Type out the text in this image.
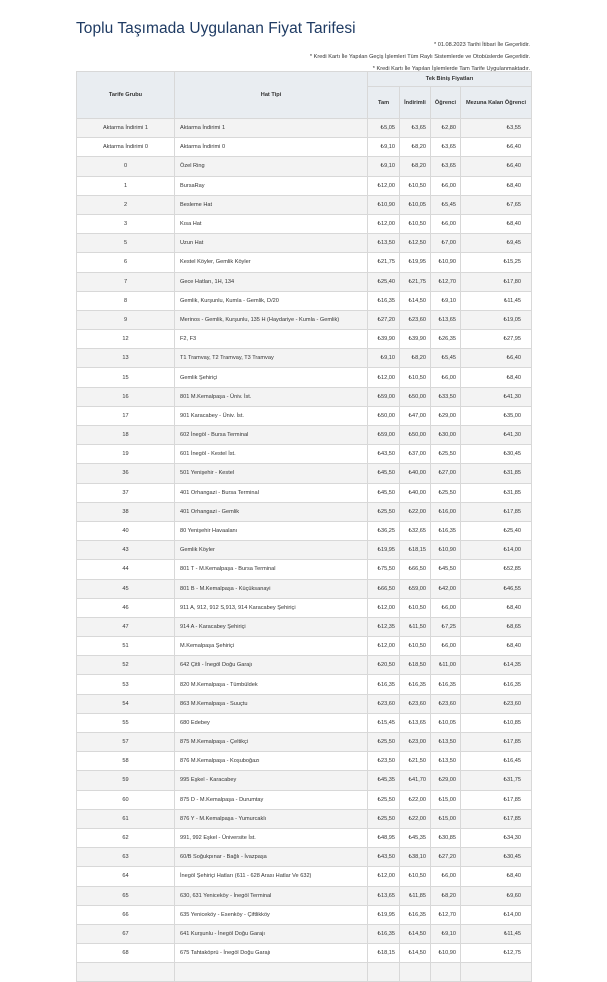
Toplu Taşımada Uygulanan Fiyat Tarifesi
* 01.08.2023 Tarihi İtibari İle Geçerlidir.
* Kredi Kartı İle Yapılan Geçiş İşlemleri Tüm Raylı Sistemlerde ve Otobüslerde Geçerlidir.
* Kredi Kartı İle Yapılan İşlemlerde Tam Tarife Uygulanmaktadır.
Tarife Grubu	Hat Tipi	Tek Biniş Fiyatları			
		Tam	İndirimli	Öğrenci	Mezuna Kalan Öğrenci
Aktarma İndirimi 1	Aktarma İndirimi 1	₺5,05	₺3,65	₺2,80	₺3,55
Aktarma İndirimi 0	Aktarma İndirimi 0	₺9,10	₺8,20	₺3,65	₺6,40
0	Özel Ring	₺9,10	₺8,20	₺3,65	₺6,40
1	BursaRay	₺12,00	₺10,50	₺6,00	₺8,40
2	Besleme Hat	₺10,90	₺10,05	₺5,45	₺7,65
3	Kısa Hat	₺12,00	₺10,50	₺6,00	₺8,40
5	Uzun Hat	₺13,50	₺12,50	₺7,00	₺9,45
6	Kestel Köyler, Gemlik Köyler	₺21,75	₺19,95	₺10,90	₺15,25
7	Gece Hatları, 1H, 134	₺25,40	₺21,75	₺12,70	₺17,80
8	Gemlik, Kurşunlu, Kumla - Gemlik, D/20	₺16,35	₺14,50	₺9,10	₺11,45
9	Merinos - Gemlik, Kurşunlu, 135 H (Haydariye - Kumla - Gemlik)	₺27,20	₺23,60	₺13,65	₺19,05
12	F2, F3	₺39,90	₺39,90	₺26,35	₺27,95
13	T1 Tramvay, T2 Tramvay, T3 Tramvay	₺9,10	₺8,20	₺5,45	₺6,40
15	Gemlik Şehiriçi	₺12,00	₺10,50	₺6,00	₺8,40
16	801 M.Kemalpaşa - Üniv. İst.	₺59,00	₺50,00	₺33,50	₺41,30
17	901 Karacabey - Üniv. İst.	₺50,00	₺47,00	₺29,00	₺35,00
18	602 İnegöl - Bursa Terminal	₺59,00	₺50,00	₺30,00	₺41,30
19	601 İnegöl - Kestel İst.	₺43,50	₺37,00	₺25,50	₺30,45
36	501 Yenişehir - Kestel	₺45,50	₺40,00	₺27,00	₺31,85
37	401 Orhangazi - Bursa Terminal	₺45,50	₺40,00	₺25,50	₺31,85
38	401 Orhangazi - Gemlik	₺25,50	₺22,00	₺16,00	₺17,85
40	80 Yenişehir Havaalanı	₺36,25	₺32,65	₺16,35	₺25,40
43	Gemlik Köyler	₺19,95	₺18,15	₺10,90	₺14,00
44	801 T - M.Kemalpaşa - Bursa Terminal	₺75,50	₺66,50	₺45,50	₺52,85
45	801 B - M.Kemalpaşa - Küçüksanayi	₺66,50	₺59,00	₺42,00	₺46,55
46	911 A, 912, 912 S,913, 914 Karacabey Şehiriçi	₺12,00	₺10,50	₺6,00	₺8,40
47	914 A - Karacabey Şehiriçi	₺12,35	₺11,50	₺7,25	₺8,65
51	M.Kemalpaşa Şehiriçi	₺12,00	₺10,50	₺6,00	₺8,40
52	642 Çitli - İnegöl Doğu Garajı	₺20,50	₺18,50	₺11,00	₺14,35
53	820 M.Kemalpaşa - Tümbüldek	₺16,35	₺16,35	₺16,35	₺16,35
54	863 M.Kemalpaşa - Suuçtu	₺23,60	₺23,60	₺23,60	₺23,60
55	680 Edebey	₺15,45	₺13,65	₺10,05	₺10,85
57	875 M.Kemalpaşa - Çeltikçi	₺25,50	₺23,00	₺13,50	₺17,85
58	876 M.Kemalpaşa - Koşuboğazı	₺23,50	₺21,50	₺13,50	₺16,45
59	995 Eşkel - Karacabey	₺45,35	₺41,70	₺29,00	₺31,75
60	875 D - M.Kemalpaşa - Durumtay	₺25,50	₺22,00	₺15,00	₺17,85
61	876 Y - M.Kemalpaşa - Yumurcaklı	₺25,50	₺22,00	₺15,00	₺17,85
62	991, 992 Eşkel - Üniversite İst.	₺48,95	₺45,35	₺30,85	₺34,30
63	60/B Soğukpınar - Bağlı - İvazpaşa	₺43,50	₺38,10	₺27,20	₺30,45
64	İnegöl Şehiriçi Hatları (611 - 628 Arası Hatlar Ve 632)	₺12,00	₺10,50	₺6,00	₺8,40
65	630, 631 Yeniceköy - İnegöl Terminal	₺13,65	₺11,85	₺8,20	₺9,60
66	635 Yeniceköy - Esenköy - Çiftlikköy	₺19,95	₺16,35	₺12,70	₺14,00
67	641 Kurşunlu - İnegöl Doğu Garajı	₺16,35	₺14,50	₺9,10	₺11,45
68	675 Tahtaköprü - İnegöl Doğu Garajı	₺18,15	₺14,50	₺10,90	₺12,75
